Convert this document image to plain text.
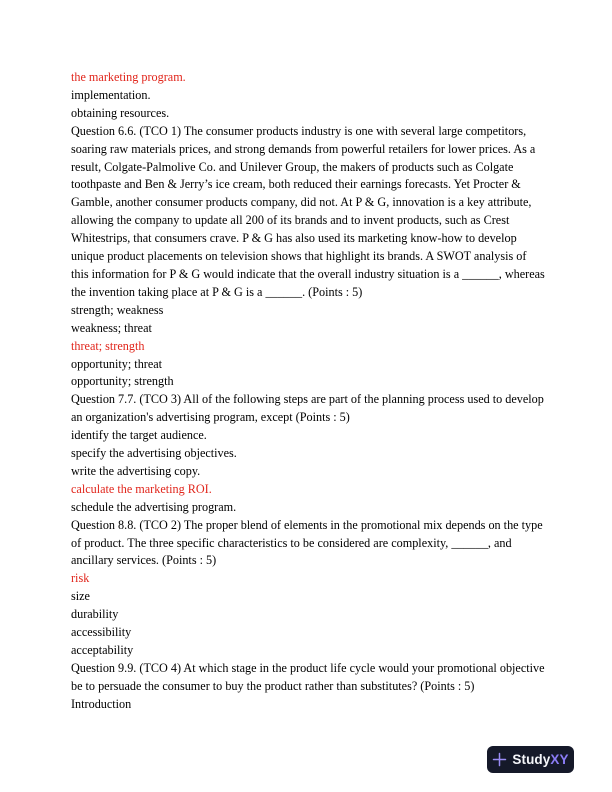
the marketing program.
implementation.
obtaining resources.
Question 6.6. (TCO 1) The consumer products industry is one with several large competitors,
soaring raw materials prices, and strong demands from powerful retailers for lower prices. As a
result, Colgate-Palmolive Co. and Unilever Group, the makers of products such as Colgate
toothpaste and Ben & Jerry’s ice cream, both reduced their earnings forecasts. Yet Procter &
Gamble, another consumer products company, did not. At P & G, innovation is a key attribute,
allowing the company to update all 200 of its brands and to invent products, such as Crest
Whitestrips, that consumers crave. P & G has also used its marketing know-how to develop
unique product placements on television shows that highlight its brands. A SWOT analysis of
this information for P & G would indicate that the overall industry situation is a ______, whereas
the invention taking place at P & G is a ______. (Points : 5)
strength; weakness
weakness; threat
threat; strength
opportunity; threat
opportunity; strength
Question 7.7. (TCO 3) All of the following steps are part of the planning process used to develop
an organization's advertising program, except (Points : 5)
identify the target audience.
specify the advertising objectives.
write the advertising copy.
calculate the marketing ROI.
schedule the advertising program.
Question 8.8. (TCO 2) The proper blend of elements in the promotional mix depends on the type
of product. The three specific characteristics to be considered are complexity, ______, and
ancillary services. (Points : 5)
risk
size
durability
accessibility
acceptability
Question 9.9. (TCO 4) At which stage in the product life cycle would your promotional objective
be to persuade the consumer to buy the product rather than substitutes? (Points : 5)
Introduction
StudyXY
